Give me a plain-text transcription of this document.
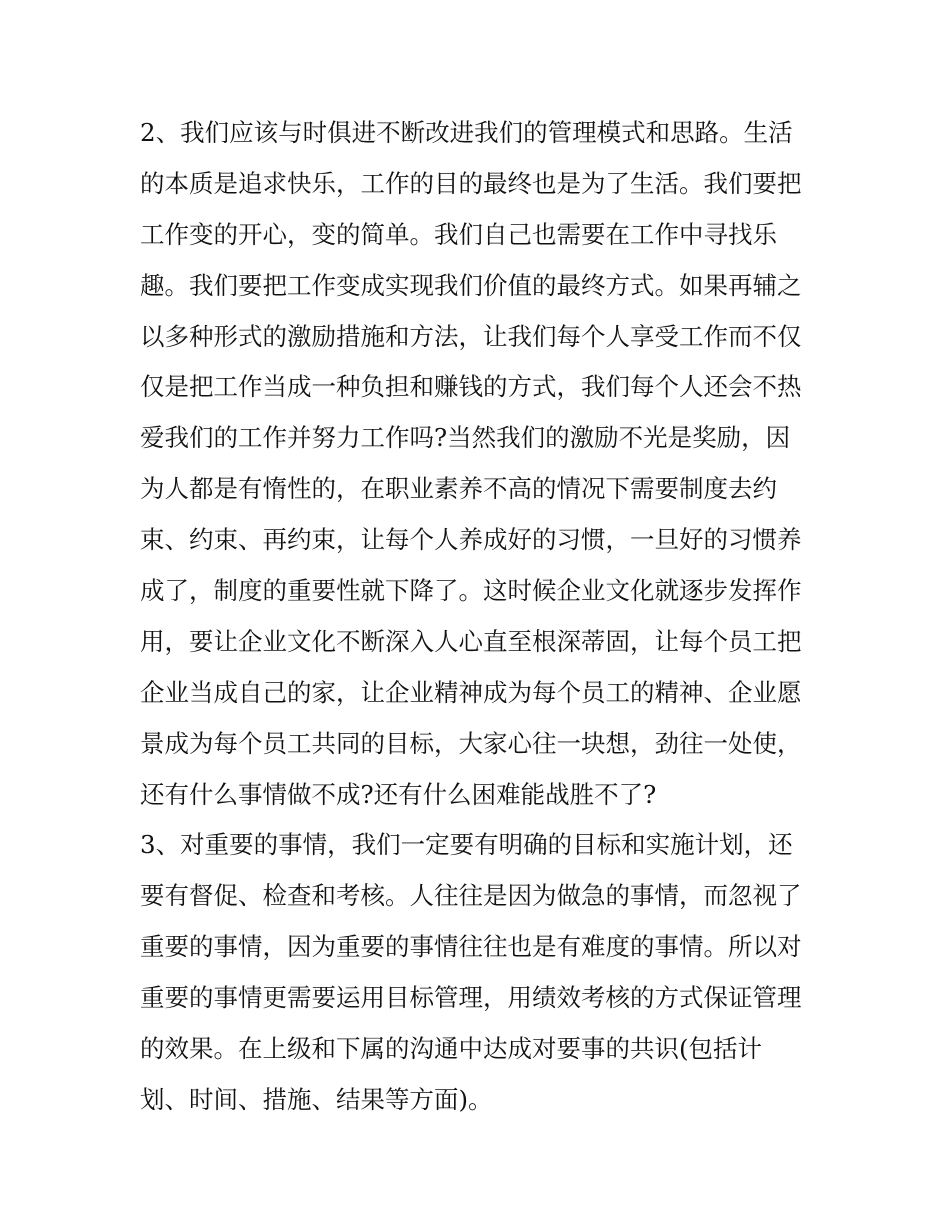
2、我们应该与时俱进不断改进我们的管理模式和思路。生活
的本质是追求快乐，工作的目的最终也是为了生活。我们要把
工作变的开心，变的简单。我们自己也需要在工作中寻找乐
趣。我们要把工作变成实现我们价值的最终方式。如果再辅之
以多种形式的激励措施和方法，让我们每个人享受工作而不仅
仅是把工作当成一种负担和赚钱的方式，我们每个人还会不热
爱我们的工作并努力工作吗?当然我们的激励不光是奖励，因
为人都是有惰性的，在职业素养不高的情况下需要制度去约
束、约束、再约束，让每个人养成好的习惯，一旦好的习惯养
成了，制度的重要性就下降了。这时候企业文化就逐步发挥作
用，要让企业文化不断深入人心直至根深蒂固，让每个员工把
企业当成自己的家，让企业精神成为每个员工的精神、企业愿
景成为每个员工共同的目标，大家心往一块想，劲往一处使，
还有什么事情做不成?还有什么困难能战胜不了?
3、对重要的事情，我们一定要有明确的目标和实施计划，还
要有督促、检查和考核。人往往是因为做急的事情，而忽视了
重要的事情，因为重要的事情往往也是有难度的事情。所以对
重要的事情更需要运用目标管理，用绩效考核的方式保证管理
的效果。在上级和下属的沟通中达成对要事的共识(包括计
划、时间、措施、结果等方面)。
